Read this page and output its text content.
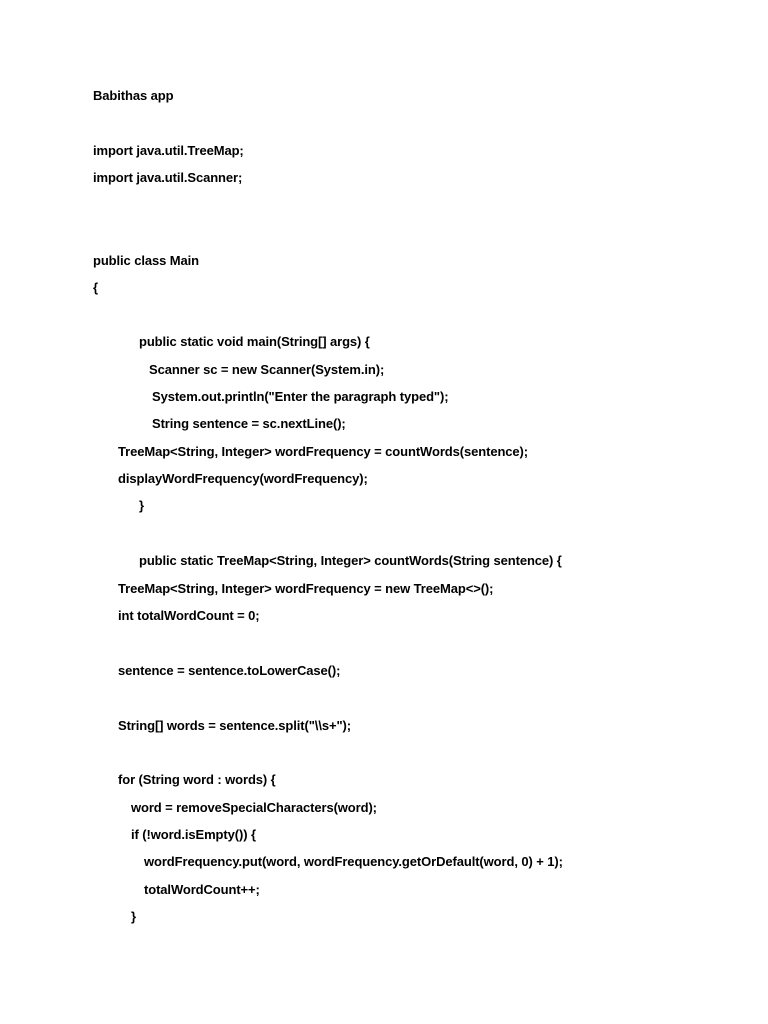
Babithas app
import java.util.TreeMap;
import java.util.Scanner;
public class Main
{
public static void main(String[] args) {
Scanner sc = new Scanner(System.in);
System.out.println("Enter the paragraph typed");
String sentence = sc.nextLine();
TreeMap<String, Integer> wordFrequency = countWords(sentence);
displayWordFrequency(wordFrequency);
}
public static TreeMap<String, Integer> countWords(String sentence) {
TreeMap<String, Integer> wordFrequency = new TreeMap<>();
int totalWordCount = 0;
sentence = sentence.toLowerCase();
String[] words = sentence.split("\\s+");
for (String word : words) {
word = removeSpecialCharacters(word);
if (!word.isEmpty()) {
wordFrequency.put(word, wordFrequency.getOrDefault(word, 0) + 1);
totalWordCount++;
}
